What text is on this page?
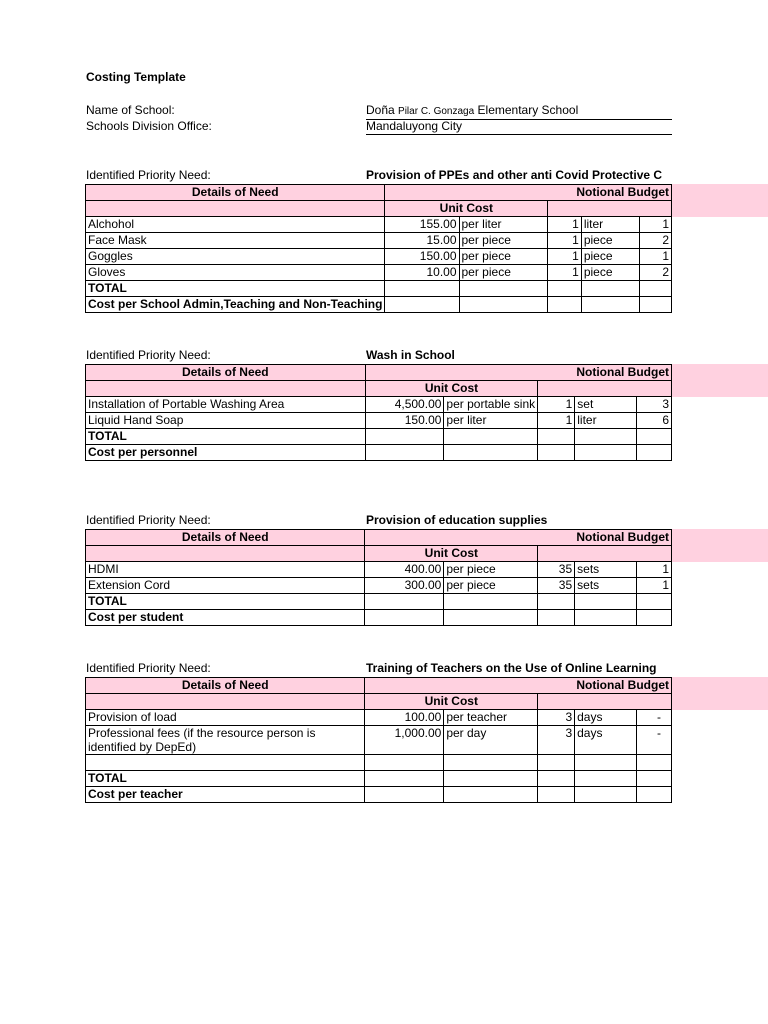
Costing Template
Name of School:	Doña Pilar C. Gonzaga Elementary School
Schools Division Office:	Mandaluyong City
Identified Priority Need:	Provision of PPEs and other anti Covid Protective C
Details of Need	Notional Budget				
	Unit Cost				
Alchohol	155.00	per liter	1	liter	1
Face Mask	15.00	per piece	1	piece	2
Goggles	150.00	per piece	1	piece	1
Gloves	10.00	per piece	1	piece	2
TOTAL					
Cost per School Admin,Teaching and Non-Teaching					
Identified Priority Need:	Wash in School
Details of Need	Notional Budget				
	Unit Cost				
Installation of Portable Washing Area	4,500.00	per portable sink	1	set	3
Liquid Hand Soap	150.00	per liter	1	liter	6
TOTAL					
Cost per personnel					
Identified Priority Need:	Provision of education supplies
Details of Need	Notional Budget				
	Unit Cost				
HDMI	400.00	per piece	35	sets	1
Extension Cord	300.00	per piece	35	sets	1
TOTAL					
Cost per student					
Identified Priority Need:	Training of Teachers on the Use of Online Learning
Details of Need	Notional Budget				
	Unit Cost				
Provision of load	100.00	per teacher	3	days	-
Professional fees (if the resource person is identified by DepEd)	1,000.00	per day	3	days	-

TOTAL					
Cost per teacher					
